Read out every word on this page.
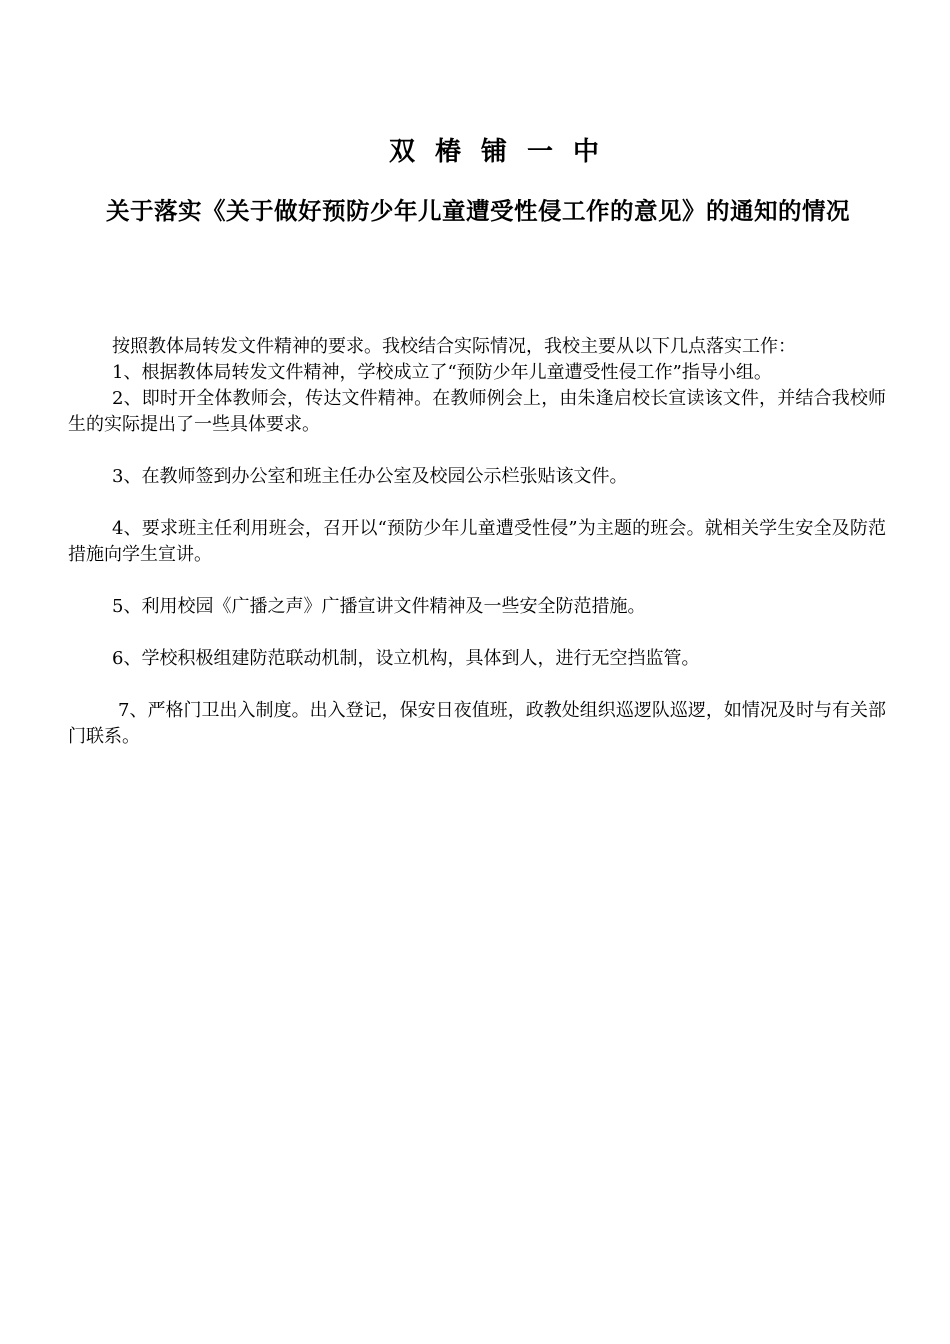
双椿铺一中
关于落实《关于做好预防少年儿童遭受性侵工作的意见》的通知的情况

按照教体局转发文件精神的要求。我校结合实际情况，我校主要从以下几点落实工作：

1、根据教体局转发文件精神，学校成立了“预防少年儿童遭受性侵工作”指导小组。

2、即时开全体教师会，传达文件精神。在教师例会上，由朱逢启校长宣读该文件，并结合我校师生的实际提出了一些具体要求。

3、在教师签到办公室和班主任办公室及校园公示栏张贴该文件。

4、要求班主任利用班会，召开以“预防少年儿童遭受性侵”为主题的班会。就相关学生安全及防范措施向学生宣讲。

5、利用校园《广播之声》广播宣讲文件精神及一些安全防范措施。

6、学校积极组建防范联动机制，设立机构，具体到人，进行无空挡监管。

7、严格门卫出入制度。出入登记，保安日夜值班，政教处组织巡逻队巡逻，如情况及时与有关部门联系。
